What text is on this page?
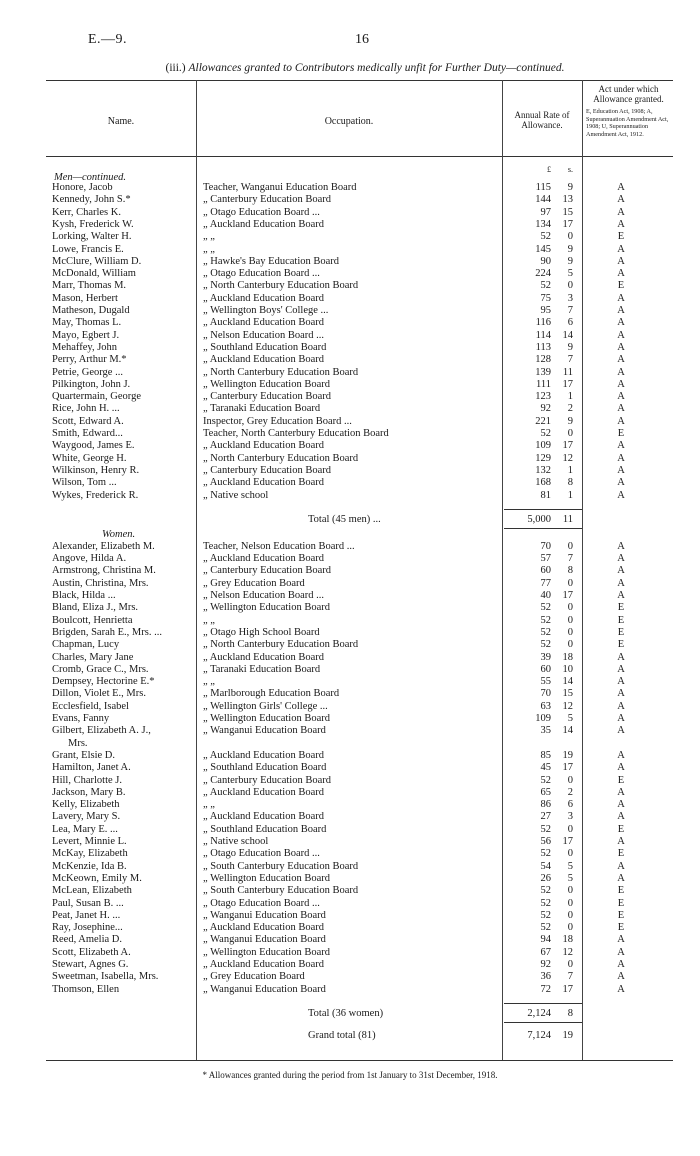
E.—9.	16
(iii.) Allowances granted to Contributors medically unfit for Further Duty—continued.
Name.	Occupation.
Annual Rate of Allowance.
Act under which Allowance granted.
E, Education Act, 1908; A, Superannuation Amendment Act, 1908; U, Superannuation Amendment Act, 1912.
£	s.
Men—continued.
Honore, Jacob	Teacher, Wanganui Education Board	115	9	A
Kennedy, John S.*	„ Canterbury Education Board	144	13	A
Kerr, Charles K.	„ Otago Education Board ...	97	15	A
Kysh, Frederick W.	„ Auckland Education Board	134	17	A
Lorking, Walter H.	„ „	52	0	E
Lowe, Francis E.	„ „	145	9	A
McClure, William D.	„ Hawke's Bay Education Board	90	9	A
McDonald, William	„ Otago Education Board ...	224	5	A
Marr, Thomas M.	„ North Canterbury Education Board	52	0	E
Mason, Herbert	„ Auckland Education Board	75	3	A
Matheson, Dugald	„ Wellington Boys' College ...	95	7	A
May, Thomas L.	„ Auckland Education Board	116	6	A
Mayo, Egbert J.	„ Nelson Education Board ...	114	14	A
Mehaffey, John	„ Southland Education Board	113	9	A
Perry, Arthur M.*	„ Auckland Education Board	128	7	A
Petrie, George ...	„ North Canterbury Education Board	139	11	A
Pilkington, John J.	„ Wellington Education Board	111	17	A
Quartermain, George	„ Canterbury Education Board	123	1	A
Rice, John H. ...	„ Taranaki Education Board	92	2	A
Scott, Edward A.	Inspector, Grey Education Board ...	221	9	A
Smith, Edward...	Teacher, North Canterbury Education Board	52	0	E
Waygood, James E.	„ Auckland Education Board	109	17	A
White, George H.	„ North Canterbury Education Board	129	12	A
Wilkinson, Henry R.	„ Canterbury Education Board	132	1	A
Wilson, Tom ...	„ Auckland Education Board	168	8	A
Wykes, Frederick R.	„ Native school	81	1	A
Total (45 men) ...	5,000	11
Women.
Alexander, Elizabeth M.	Teacher, Nelson Education Board ...	70	0	A
Angove, Hilda A.	„ Auckland Education Board	57	7	A
Armstrong, Christina M.	„ Canterbury Education Board	60	8	A
Austin, Christina, Mrs.	„ Grey Education Board	77	0	A
Black, Hilda ...	„ Nelson Education Board ...	40	17	A
Bland, Eliza J., Mrs.	„ Wellington Education Board	52	0	E
Boulcott, Henrietta	„ „	52	0	E
Brigden, Sarah E., Mrs. ...	„ Otago High School Board	52	0	E
Chapman, Lucy	„ North Canterbury Education Board	52	0	E
Charles, Mary Jane	„ Auckland Education Board	39	18	A
Cromb, Grace C., Mrs.	„ Taranaki Education Board	60	10	A
Dempsey, Hectorine E.*	„ „	55	14	A
Dillon, Violet E., Mrs.	„ Marlborough Education Board	70	15	A
Ecclesfield, Isabel	„ Wellington Girls' College ...	63	12	A
Evans, Fanny	„ Wellington Education Board	109	5	A
Gilbert, Elizabeth A. J.,	„ Wanganui Education Board	35	14	A
Mrs.
Grant, Elsie D.	„ Auckland Education Board	85	19	A
Hamilton, Janet A.	„ Southland Education Board	45	17	A
Hill, Charlotte J.	„ Canterbury Education Board	52	0	E
Jackson, Mary B.	„ Auckland Education Board	65	2	A
Kelly, Elizabeth	„ „	86	6	A
Lavery, Mary S.	„ Auckland Education Board	27	3	A
Lea, Mary E. ...	„ Southland Education Board	52	0	E
Levert, Minnie L.	„ Native school	56	17	A
McKay, Elizabeth	„ Otago Education Board ...	52	0	E
McKenzie, Ida B.	„ South Canterbury Education Board	54	5	A
McKeown, Emily M.	„ Wellington Education Board	26	5	A
McLean, Elizabeth	„ South Canterbury Education Board	52	0	E
Paul, Susan B. ...	„ Otago Education Board ...	52	0	E
Peat, Janet H. ...	„ Wanganui Education Board	52	0	E
Ray, Josephine...	„ Auckland Education Board	52	0	E
Reed, Amelia D.	„ Wanganui Education Board	94	18	A
Scott, Elizabeth A.	„ Wellington Education Board	67	12	A
Stewart, Agnes G.	„ Auckland Education Board	92	0	A
Sweetman, Isabella, Mrs.	„ Grey Education Board	36	7	A
Thomson, Ellen	„ Wanganui Education Board	72	17	A
Total (36 women)	2,124	8
Grand total (81)	7,124	19
* Allowances granted during the period from 1st January to 31st December, 1918.
